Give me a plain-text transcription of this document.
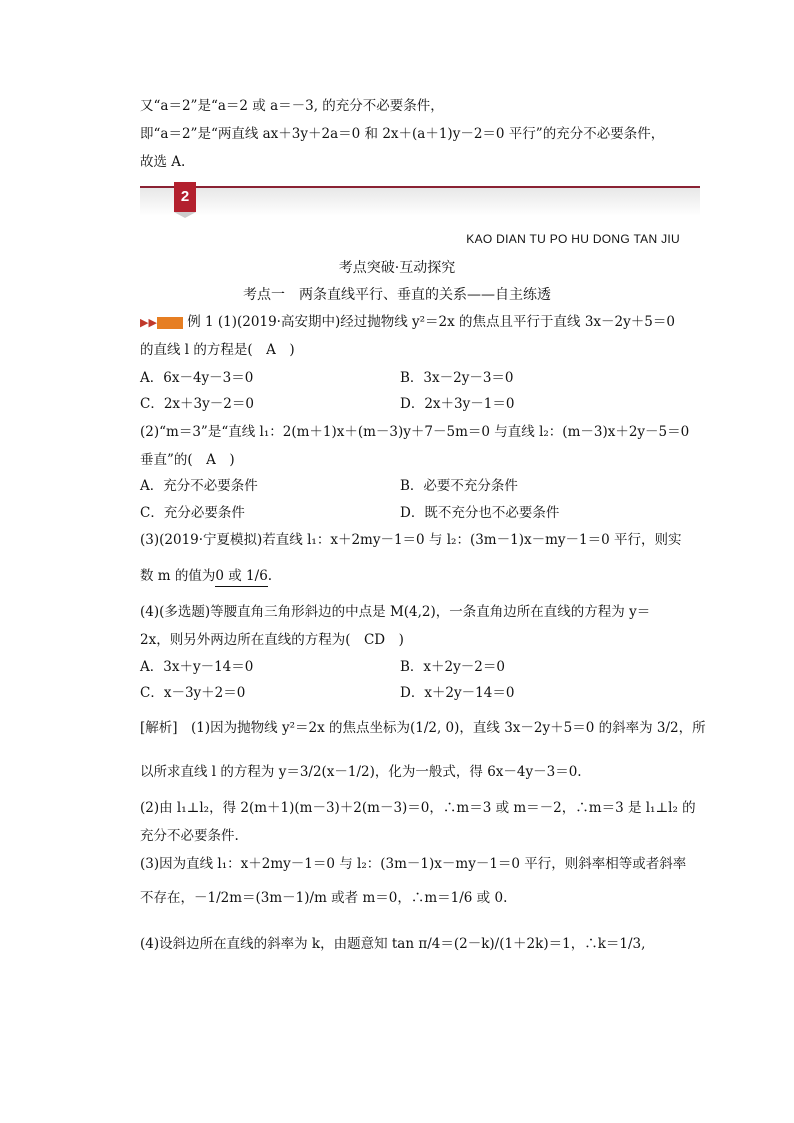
又“a＝2”是“a＝2 或 a＝－3, 的充分不必要条件，
即“a＝2”是“两直线 ax＋3y＋2a＝0 和 2x＋(a＋1)y－2＝0 平行”的充分不必要条件，
故选 A.
2
KAO DIAN TU PO HU DONG TAN JIU
考点突破·互动探究
考点一　两条直线平行、垂直的关系——自主练透
▶▶ 例 1 (1)(2019·高安期中)经过抛物线 y²＝2x 的焦点且平行于直线 3x－2y＋5＝0
的直线 l 的方程是(　A　)
A．6x－4y－3＝0	B．3x－2y－3＝0
C．2x＋3y－2＝0	D．2x＋3y－1＝0
(2)“m＝3”是“直线 l₁：2(m＋1)x＋(m－3)y＋7－5m＝0 与直线 l₂：(m－3)x＋2y－5＝0
垂直”的(　A　)
A．充分不必要条件	B．必要不充分条件
C．充分必要条件	D．既不充分也不必要条件
(3)(2019·宁夏模拟)若直线 l₁：x＋2my－1＝0 与 l₂：(3m－1)x－my－1＝0 平行，则实
数 m 的值为0 或 1/6.
(4)(多选题)等腰直角三角形斜边的中点是 M(4,2)，一条直角边所在直线的方程为 y＝
2x，则另外两边所在直线的方程为(　CD　)
A．3x＋y－14＝0	B．x＋2y－2＝0
C．x－3y＋2＝0	D．x＋2y－14＝0
[解析]　(1)因为抛物线 y²＝2x 的焦点坐标为(1/2, 0)，直线 3x－2y＋5＝0 的斜率为 3/2，所
以所求直线 l 的方程为 y＝3/2(x－1/2)，化为一般式，得 6x－4y－3＝0.
(2)由 l₁⊥l₂，得 2(m＋1)(m－3)＋2(m－3)＝0，∴m＝3 或 m＝－2，∴m＝3 是 l₁⊥l₂ 的
充分不必要条件.
(3)因为直线 l₁：x＋2my－1＝0 与 l₂：(3m－1)x－my－1＝0 平行，则斜率相等或者斜率
不存在，－1/2m＝(3m－1)/m 或者 m＝0，∴m＝1/6 或 0.
(4)设斜边所在直线的斜率为 k，由题意知 tan π/4＝(2－k)/(1＋2k)＝1，∴k＝1/3,
